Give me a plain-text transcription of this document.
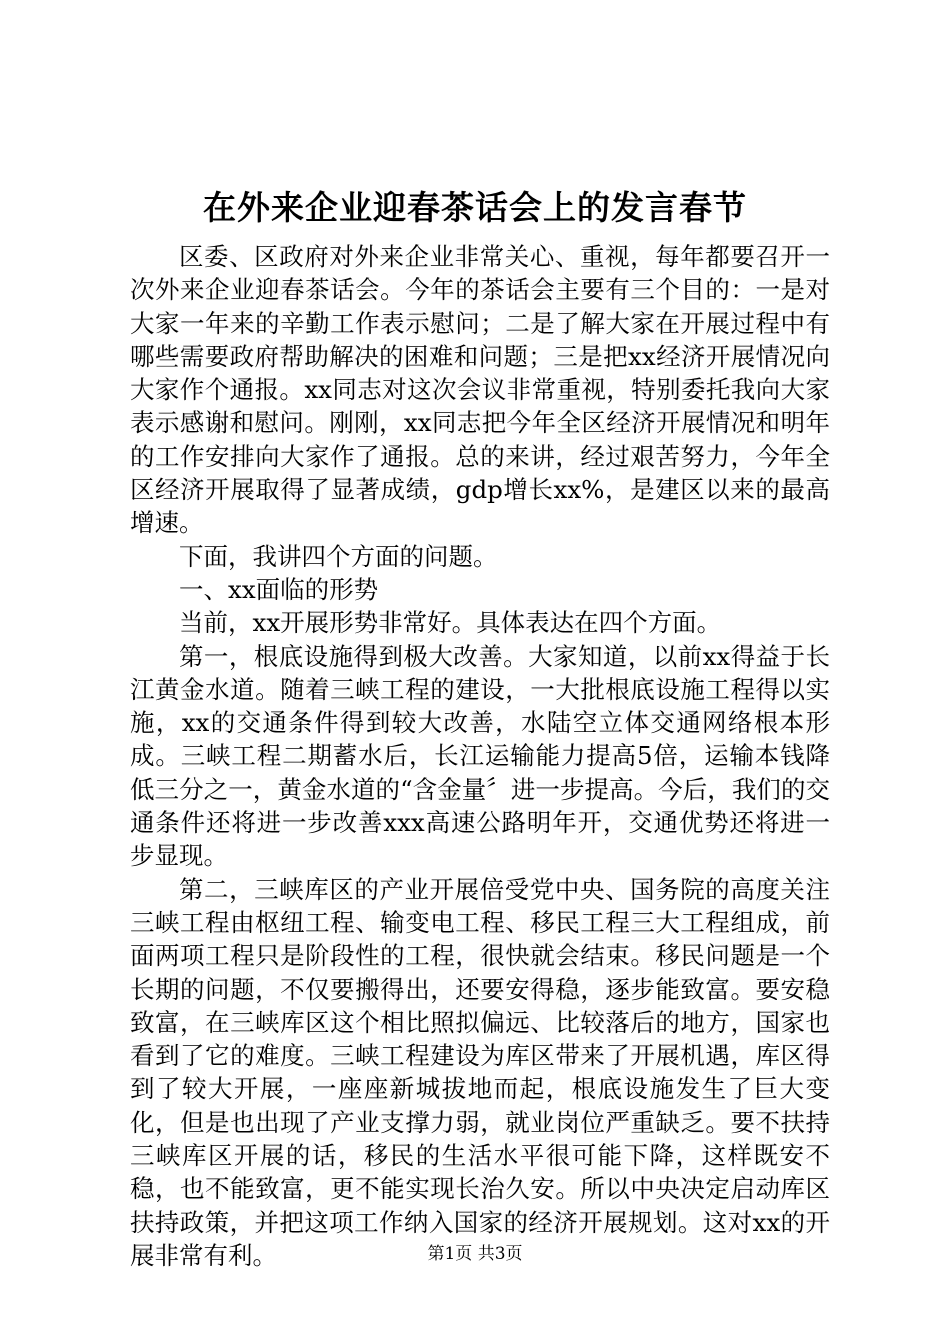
在外来企业迎春茶话会上的发言春节

区委、区政府对外来企业非常关心、重视，每年都要召开一次外来企业迎春茶话会。今年的茶话会主要有三个目的：一是对大家一年来的辛勤工作表示慰问；二是了解大家在开展过程中有哪些需要政府帮助解决的困难和问题；三是把xx经济开展情况向大家作个通报。xx同志对这次会议非常重视，特别委托我向大家表示感谢和慰问。刚刚，xx同志把今年全区经济开展情况和明年的工作安排向大家作了通报。总的来讲，经过艰苦努力，今年全区经济开展取得了显著成绩，gdp增长xx%，是建区以来的最高增速。

下面，我讲四个方面的问题。

一、xx面临的形势

当前，xx开展形势非常好。具体表达在四个方面。

第一，根底设施得到极大改善。大家知道，以前xx得益于长江黄金水道。随着三峡工程的建设，一大批根底设施工程得以实施，xx的交通条件得到较大改善，水陆空立体交通网络根本形成。三峡工程二期蓄水后，长江运输能力提高5倍，运输本钱降低三分之一，黄金水道的“含金量〞进一步提高。今后，我们的交通条件还将进一步改善xxx高速公路明年开，交通优势还将进一步显现。

第二，三峡库区的产业开展倍受党中央、国务院的高度关注三峡工程由枢纽工程、输变电工程、移民工程三大工程组成，前面两项工程只是阶段性的工程，很快就会结束。移民问题是一个长期的问题，不仅要搬得出，还要安得稳，逐步能致富。要安稳致富，在三峡库区这个相比照拟偏远、比较落后的地方，国家也看到了它的难度。三峡工程建设为库区带来了开展机遇，库区得到了较大开展，一座座新城拔地而起，根底设施发生了巨大变化，但是也出现了产业支撑力弱，就业岗位严重缺乏。要不扶持三峡库区开展的话，移民的生活水平很可能下降，这样既安不稳，也不能致富，更不能实现长治久安。所以中央决定启动库区扶持政策，并把这项工作纳入国家的经济开展规划。这对xx的开展非常有利。	第1页 共3页
